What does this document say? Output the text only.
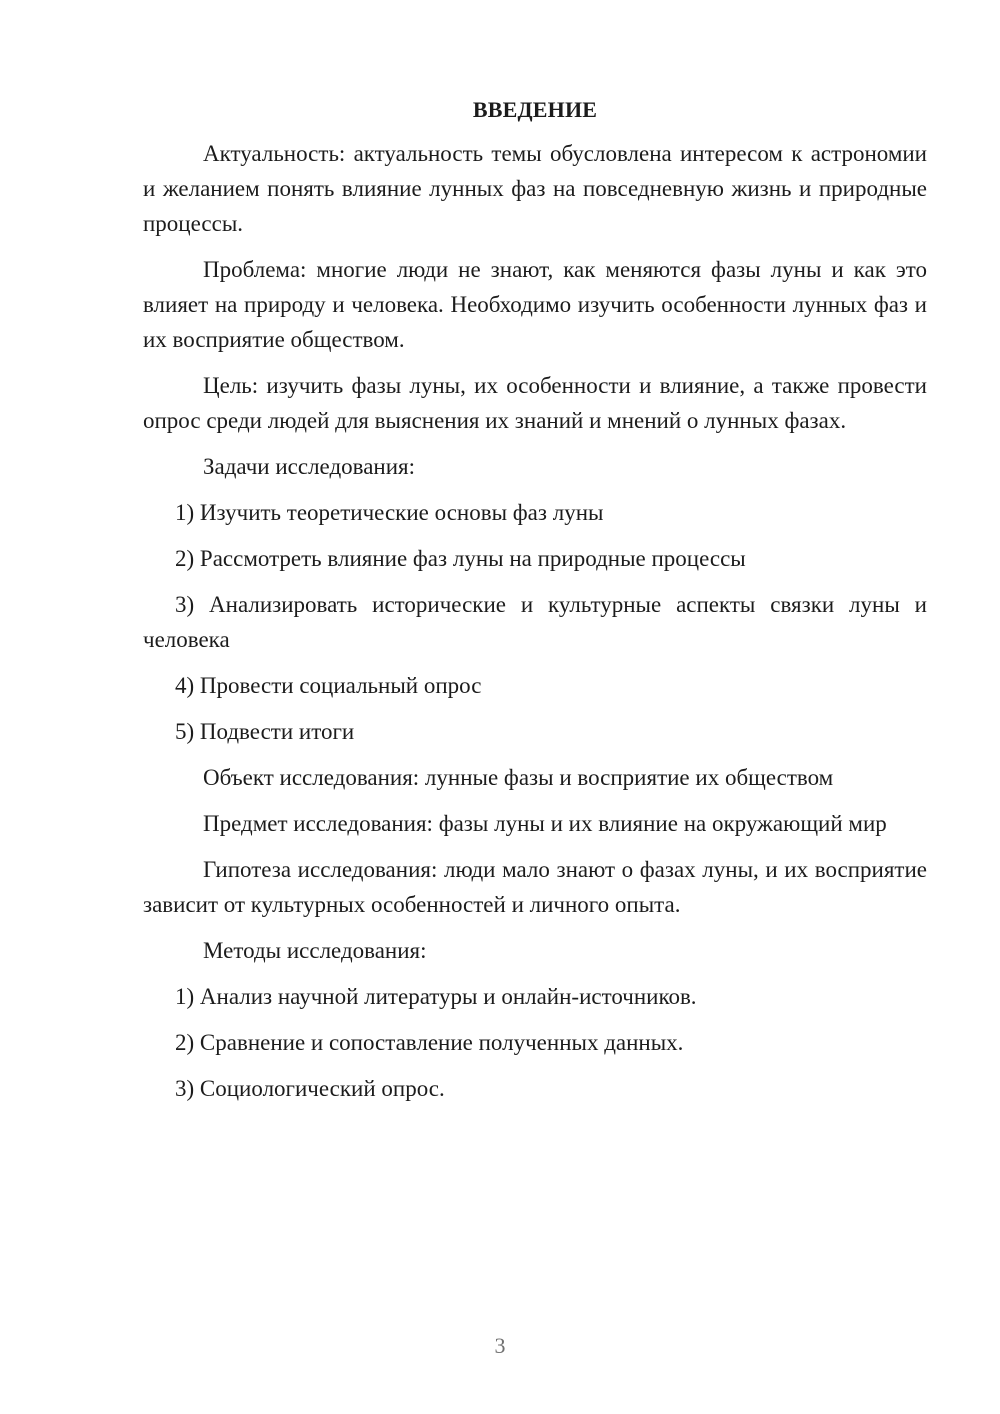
ВВЕДЕНИЕ

Актуальность: актуальность темы обусловлена интересом к астрономии и желанием понять влияние лунных фаз на повседневную жизнь и природные процессы.

Проблема: многие люди не знают, как меняются фазы луны и как это влияет на природу и человека. Необходимо изучить особенности лунных фаз и их восприятие обществом.

Цель: изучить фазы луны, их особенности и влияние, а также провести опрос среди людей для выяснения их знаний и мнений о лунных фазах.

Задачи исследования:

1) Изучить теоретические основы фаз луны

2) Рассмотреть влияние фаз луны на природные процессы

3) Анализировать исторические и культурные аспекты связки луны и человека

4) Провести социальный опрос

5) Подвести итоги

Объект исследования: лунные фазы и восприятие их обществом

Предмет исследования: фазы луны и их влияние на окружающий мир

Гипотеза исследования: люди мало знают о фазах луны, и их восприятие зависит от культурных особенностей и личного опыта.

Методы исследования:

1) Анализ научной литературы и онлайн-источников.

2) Сравнение и сопоставление полученных данных.

3) Социологический опрос.

3
